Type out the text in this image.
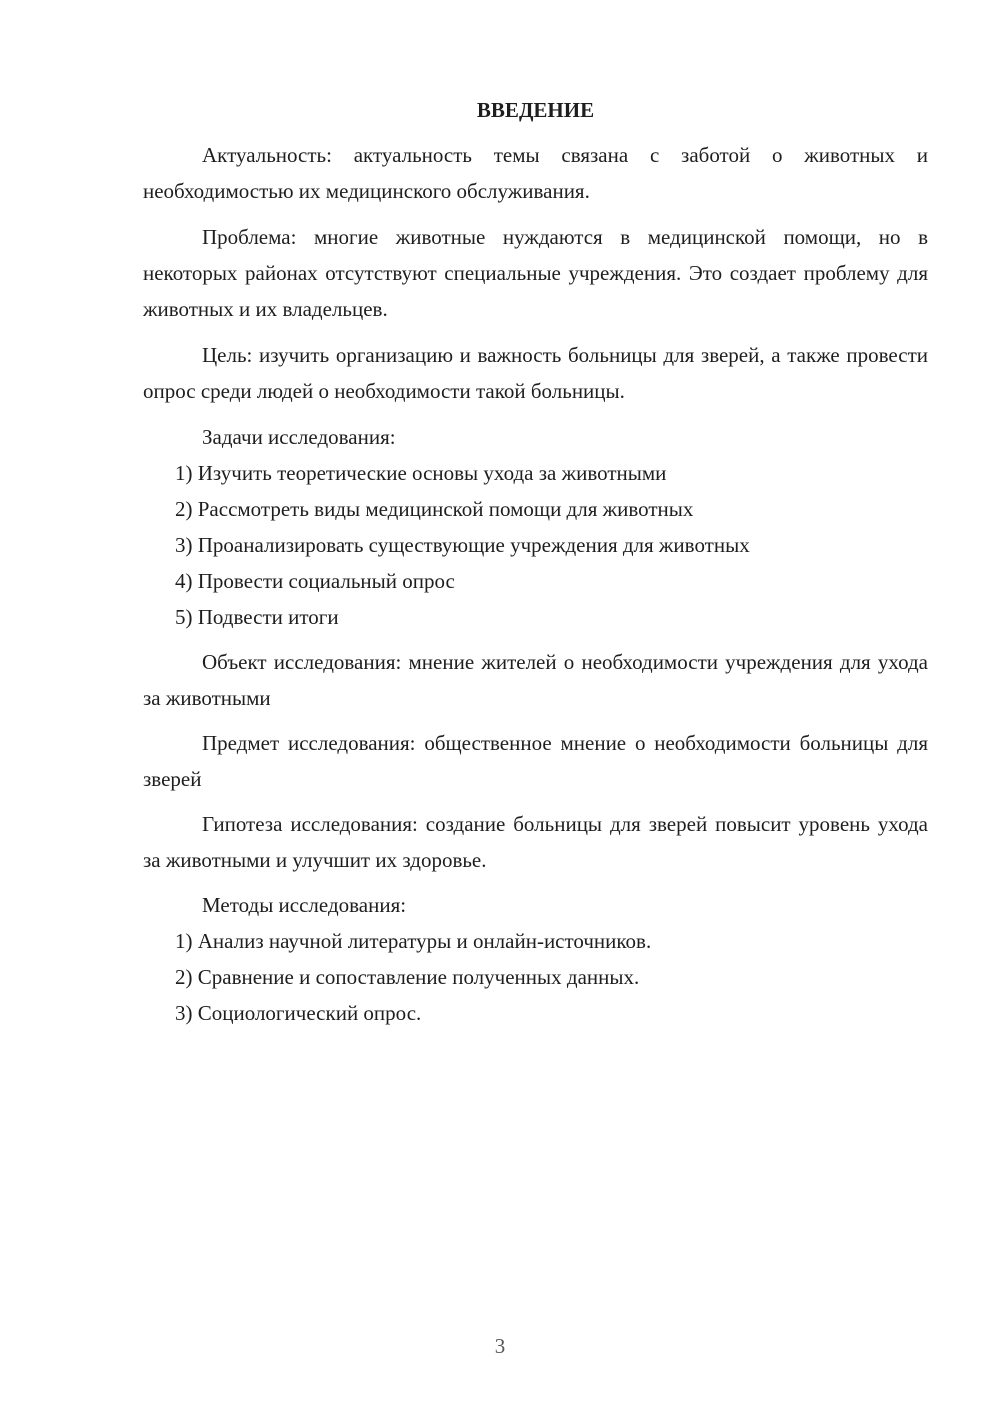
ВВЕДЕНИЕ

Актуальность: актуальность темы связана с заботой о животных и необходимостью их медицинского обслуживания.

Проблема: многие животные нуждаются в медицинской помощи, но в некоторых районах отсутствуют специальные учреждения. Это создает проблему для животных и их владельцев.

Цель: изучить организацию и важность больницы для зверей, а также провести опрос среди людей о необходимости такой больницы.

Задачи исследования:

1) Изучить теоретические основы ухода за животными

2) Рассмотреть виды медицинской помощи для животных

3) Проанализировать существующие учреждения для животных

4) Провести социальный опрос

5) Подвести итоги

Объект исследования: мнение жителей о необходимости учреждения для ухода за животными

Предмет исследования: общественное мнение о необходимости больницы для зверей

Гипотеза исследования: создание больницы для зверей повысит уровень ухода за животными и улучшит их здоровье.

Методы исследования:

1) Анализ научной литературы и онлайн-источников.

2) Сравнение и сопоставление полученных данных.

3) Социологический опрос.

3
